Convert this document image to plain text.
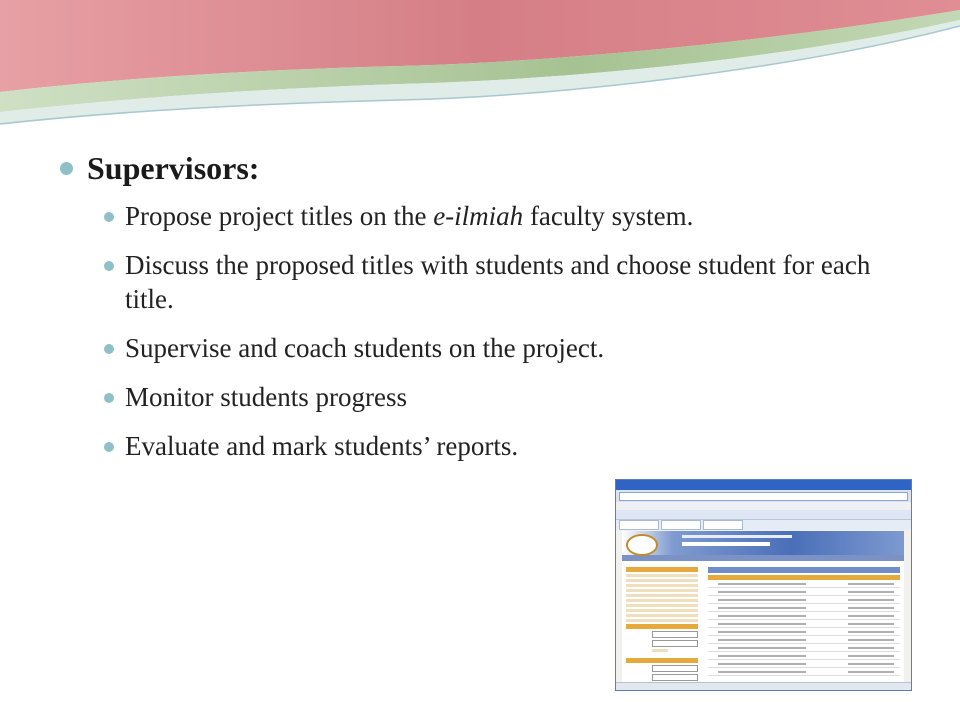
Supervisors:
Propose project titles on the e-ilmiah faculty system.
Discuss the proposed titles with students and choose student for each title.
Supervise and coach students on the project.
Monitor students progress
Evaluate and mark students’ reports.
